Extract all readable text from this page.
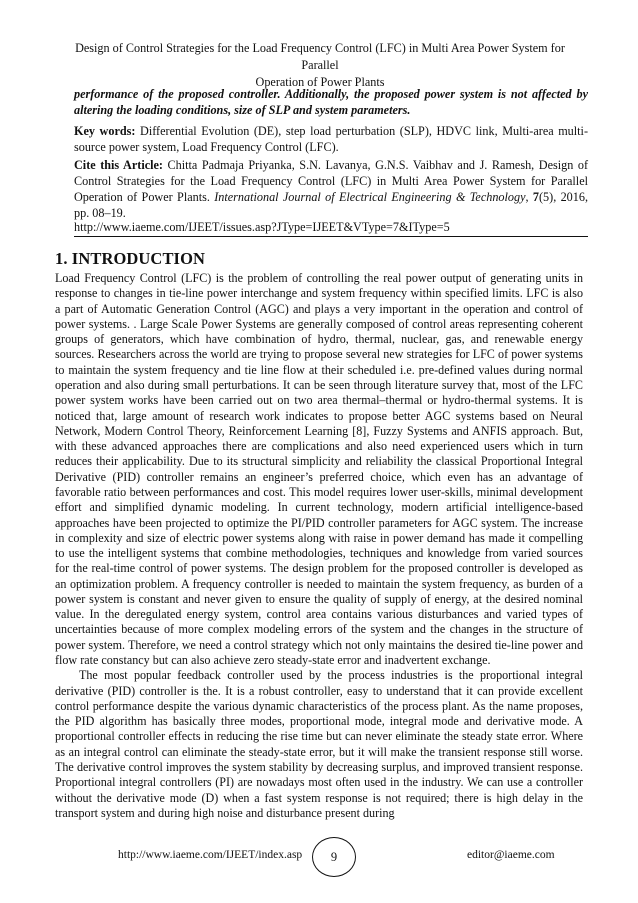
Design of Control Strategies for the Load Frequency Control (LFC) in Multi Area Power System for Parallel
Operation of Power Plants
performance of the proposed controller. Additionally, the proposed power system is not affected by altering the loading conditions, size of SLP and system parameters.
Key words: Differential Evolution (DE), step load perturbation (SLP), HDVC link, Multi-area multi-source power system, Load Frequency Control (LFC).
Cite this Article: Chitta Padmaja Priyanka, S.N. Lavanya, G.N.S. Vaibhav and J. Ramesh, Design of Control Strategies for the Load Frequency Control (LFC) in Multi Area Power System for Parallel Operation of Power Plants. International Journal of Electrical Engineering & Technology, 7(5), 2016, pp. 08–19.
http://www.iaeme.com/IJEET/issues.asp?JType=IJEET&VType=7&IType=5
1. INTRODUCTION

Load Frequency Control (LFC) is the problem of controlling the real power output of generating units in response to changes in tie-line power interchange and system frequency within specified limits. LFC is also a part of Automatic Generation Control (AGC) and plays a very important in the operation and control of power systems. . Large Scale Power Systems are generally composed of control areas representing coherent groups of generators, which have combination of hydro, thermal, nuclear, gas, and renewable energy sources. Researchers across the world are trying to propose several new strategies for LFC of power systems to maintain the system frequency and tie line flow at their scheduled i.e. pre-defined values during normal operation and also during small perturbations. It can be seen through literature survey that, most of the LFC power system works have been carried out on two area thermal–thermal or hydro-thermal systems. It is noticed that, large amount of research work indicates to propose better AGC systems based on Neural Network, Modern Control Theory, Reinforcement Learning [8], Fuzzy Systems and ANFIS approach. But, with these advanced approaches there are complications and also need experienced users which in turn reduces their applicability. Due to its structural simplicity and reliability the classical Proportional Integral Derivative (PID) controller remains an engineer’s preferred choice, which even has an advantage of favorable ratio between performances and cost. This model requires lower user-skills, minimal development effort and simplified dynamic modeling. In current technology, modern artificial intelligence-based approaches have been projected to optimize the PI/PID controller parameters for AGC system. The increase in complexity and size of electric power systems along with raise in power demand has made it compelling to use the intelligent systems that combine methodologies, techniques and knowledge from varied sources for the real-time control of power systems. The design problem for the proposed controller is developed as an optimization problem. A frequency controller is needed to maintain the system frequency, as burden of a power system is constant and never given to ensure the quality of supply of energy, at the desired nominal value. In the deregulated energy system, control area contains various disturbances and varied types of uncertainties because of more complex modeling errors of the system and the changes in the structure of power system. Therefore, we need a control strategy which not only maintains the desired tie-line power and flow rate constancy but can also achieve zero steady-state error and inadvertent exchange.

The most popular feedback controller used by the process industries is the proportional integral derivative (PID) controller is the. It is a robust controller, easy to understand that it can provide excellent control performance despite the various dynamic characteristics of the process plant. As the name proposes, the PID algorithm has basically three modes, proportional mode, integral mode and derivative mode. A proportional controller effects in reducing the rise time but can never eliminate the steady state error. Where as an integral control can eliminate the steady-state error, but it will make the transient response still worse. The derivative control improves the system stability by decreasing surplus, and improved transient response. Proportional integral controllers (PI) are nowadays most often used in the industry. We can use a controller without the derivative mode (D) when a fast system response is not required; there is high delay in the transport system and during high noise and disturbance present during

http://www.iaeme.com/IJEET/index.asp 9	editor@iaeme.com
